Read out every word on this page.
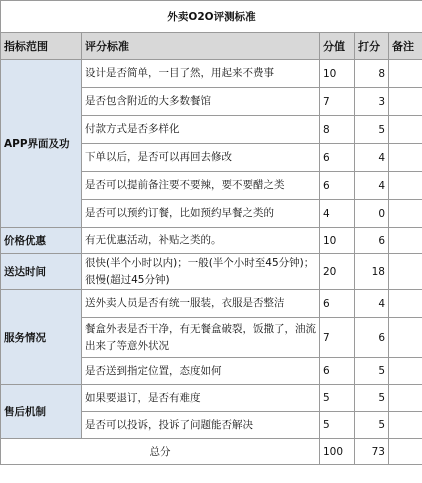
外卖O2O评测标准				
指标范围	评分标准	分值	打分	备注
APP界面及功	设计是否简单，一目了然，用起来不费事	10	8	
	是否包含附近的大多数餐馆	7	3	
	付款方式是否多样化	8	5	
	下单以后，是否可以再回去修改	6	4	
	是否可以提前备注要不要辣，要不要醋之类	6	4	
	是否可以预约订餐，比如预约早餐之类的	4	0	
价格优惠	有无优惠活动，补贴之类的。	10	6	
送达时间	很快(半个小时以内)；一般(半个小时至45分钟)；很慢(超过45分钟)	20	18	
服务情况	送外卖人员是否有统一服装，衣服是否整洁	6	4	
	餐盒外表是否干净，有无餐盒破裂，饭撒了，油流出来了等意外状况	7	6	
	是否送到指定位置，态度如何	6	5	
售后机制	如果要退订，是否有难度	5	5	
	是否可以投诉，投诉了问题能否解决	5	5	
总分		100	73	
